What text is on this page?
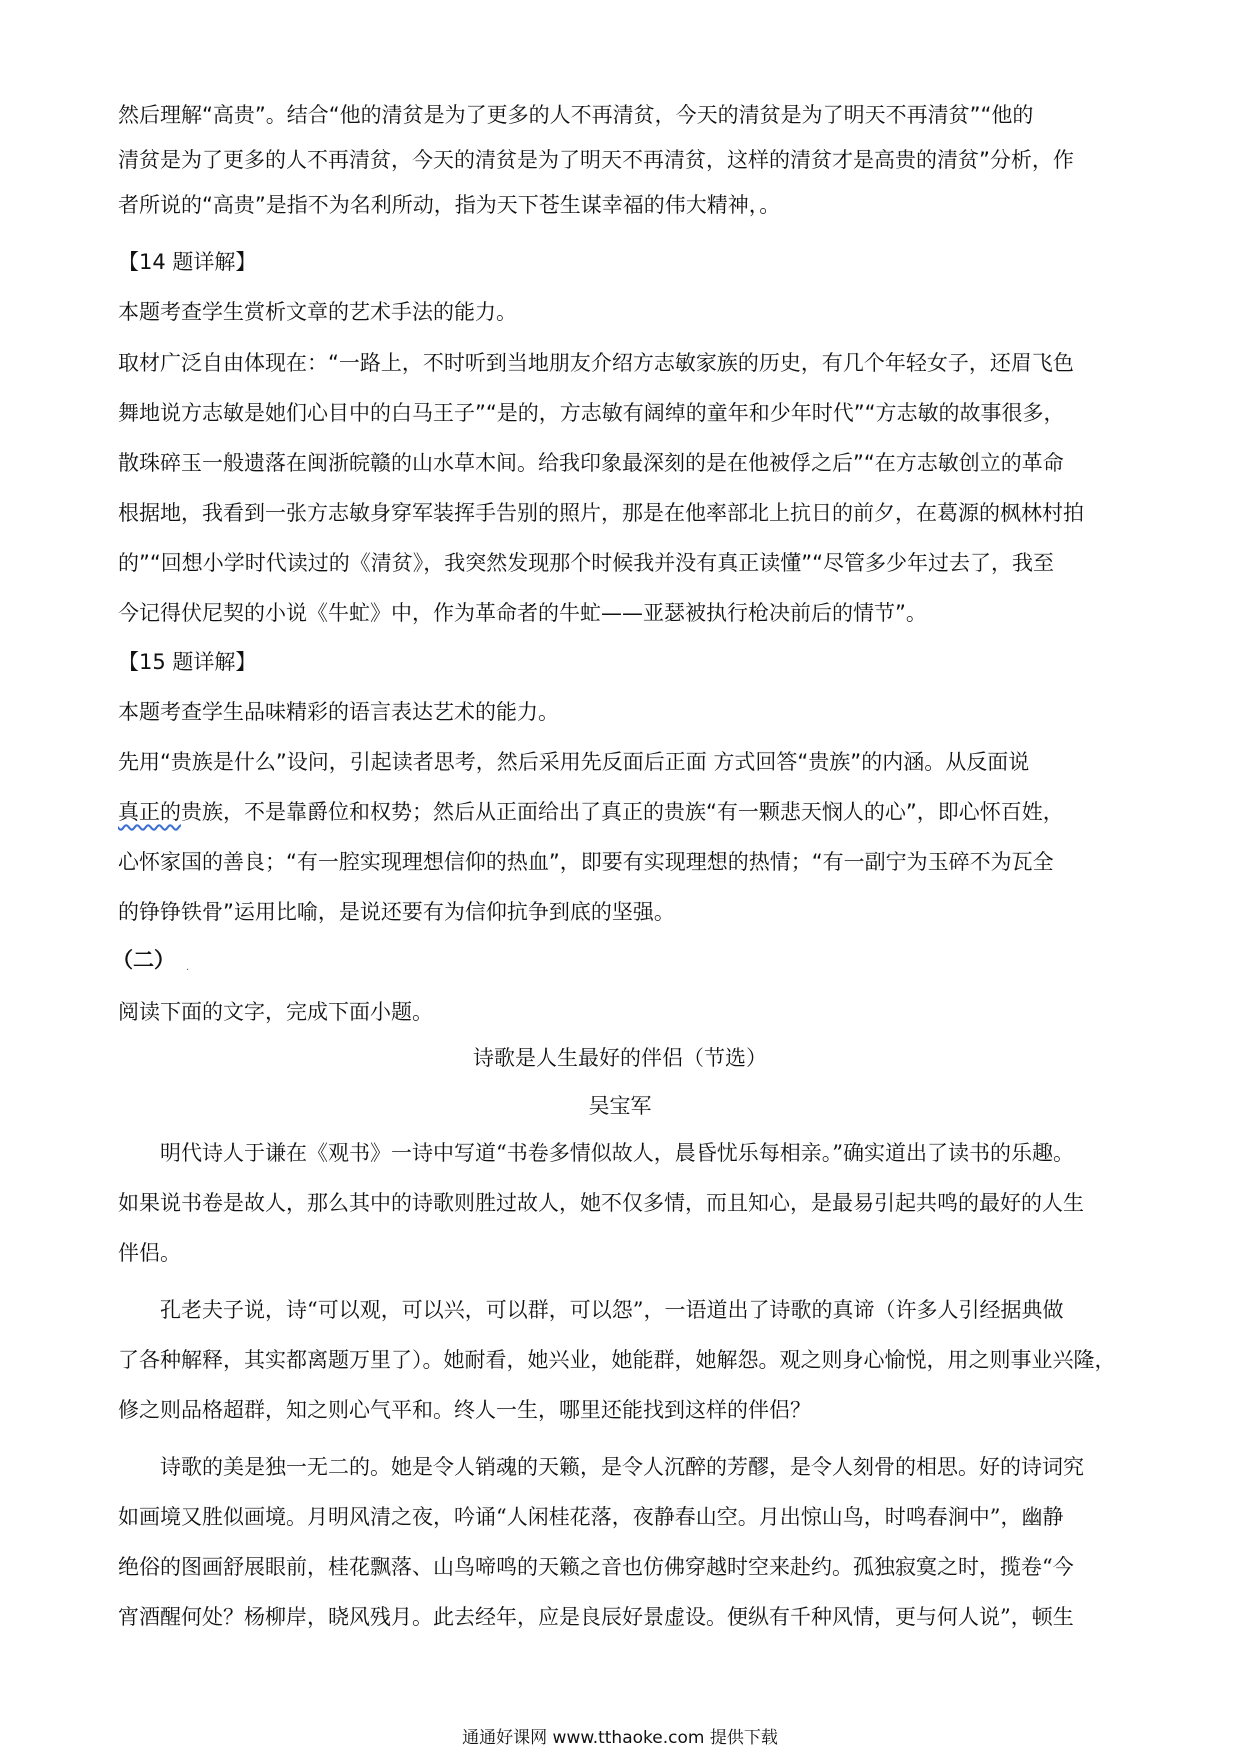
然后理解“高贵”。结合“他的清贫是为了更多的人不再清贫，今天的清贫是为了明天不再清贫”“他的
清贫是为了更多的人不再清贫，今天的清贫是为了明天不再清贫，这样的清贫才是高贵的清贫”分析，作
者所说的“高贵”是指不为名利所动，指为天下苍生谋幸福的伟大精神，。
【14 题详解】
本题考查学生赏析文章的艺术手法的能力。
取材广泛自由体现在：“一路上，不时听到当地朋友介绍方志敏家族的历史，有几个年轻女子，还眉飞色
舞地说方志敏是她们心目中的白马王子”“是的，方志敏有阔绰的童年和少年时代”“方志敏的故事很多，
散珠碎玉一般遗落在闽浙皖赣的山水草木间。给我印象最深刻的是在他被俘之后”“在方志敏创立的革命
根据地，我看到一张方志敏身穿军装挥手告别的照片，那是在他率部北上抗日的前夕，在葛源的枫林村拍
的”“回想小学时代读过的《清贫》，我突然发现那个时候我并没有真正读懂”“尽管多少年过去了，我至
今记得伏尼契的小说《牛虻》中，作为革命者的牛虻——亚瑟被执行枪决前后的情节”。
【15 题详解】
本题考查学生品味精彩的语言表达艺术的能力。
先用“贵族是什么”设问，引起读者思考，然后采用先反面后正面 方式回答“贵族”的内涵。从反面说
真正的贵族，不是靠爵位和权势；然后从正面给出了真正的贵族“有一颗悲天悯人的心”，即心怀百姓，
心怀家国的善良；“有一腔实现理想信仰的热血”，即要有实现理想的热情；“有一副宁为玉碎不为瓦全
的铮铮铁骨”运用比喻，是说还要有为信仰抗争到底的坚强。
（二） .
阅读下面的文字，完成下面小题。
诗歌是人生最好的伴侣（节选）
吴宝军
明代诗人于谦在《观书》一诗中写道“书卷多情似故人，晨昏忧乐每相亲。”确实道出了读书的乐趣。
如果说书卷是故人，那么其中的诗歌则胜过故人，她不仅多情，而且知心，是最易引起共鸣的最好的人生
伴侣。
孔老夫子说，诗“可以观，可以兴，可以群，可以怨”，一语道出了诗歌的真谛（许多人引经据典做
了各种解释，其实都离题万里了）。她耐看，她兴业，她能群，她解怨。观之则身心愉悦，用之则事业兴隆，
修之则品格超群，知之则心气平和。终人一生，哪里还能找到这样的伴侣？
诗歌的美是独一无二的。她是令人销魂的天籁，是令人沉醉的芳醪，是令人刻骨的相思。好的诗词究
如画境又胜似画境。月明风清之夜，吟诵“人闲桂花落，夜静春山空。月出惊山鸟，时鸣春涧中”，幽静
绝俗的图画舒展眼前，桂花飘落、山鸟啼鸣的天籁之音也仿佛穿越时空来赴约。孤独寂寞之时，揽卷“今
宵酒醒何处？杨柳岸，晓风残月。此去经年，应是良辰好景虚设。便纵有千种风情，更与何人说”，顿生
通通好课网 www.tthaoke.com 提供下载
